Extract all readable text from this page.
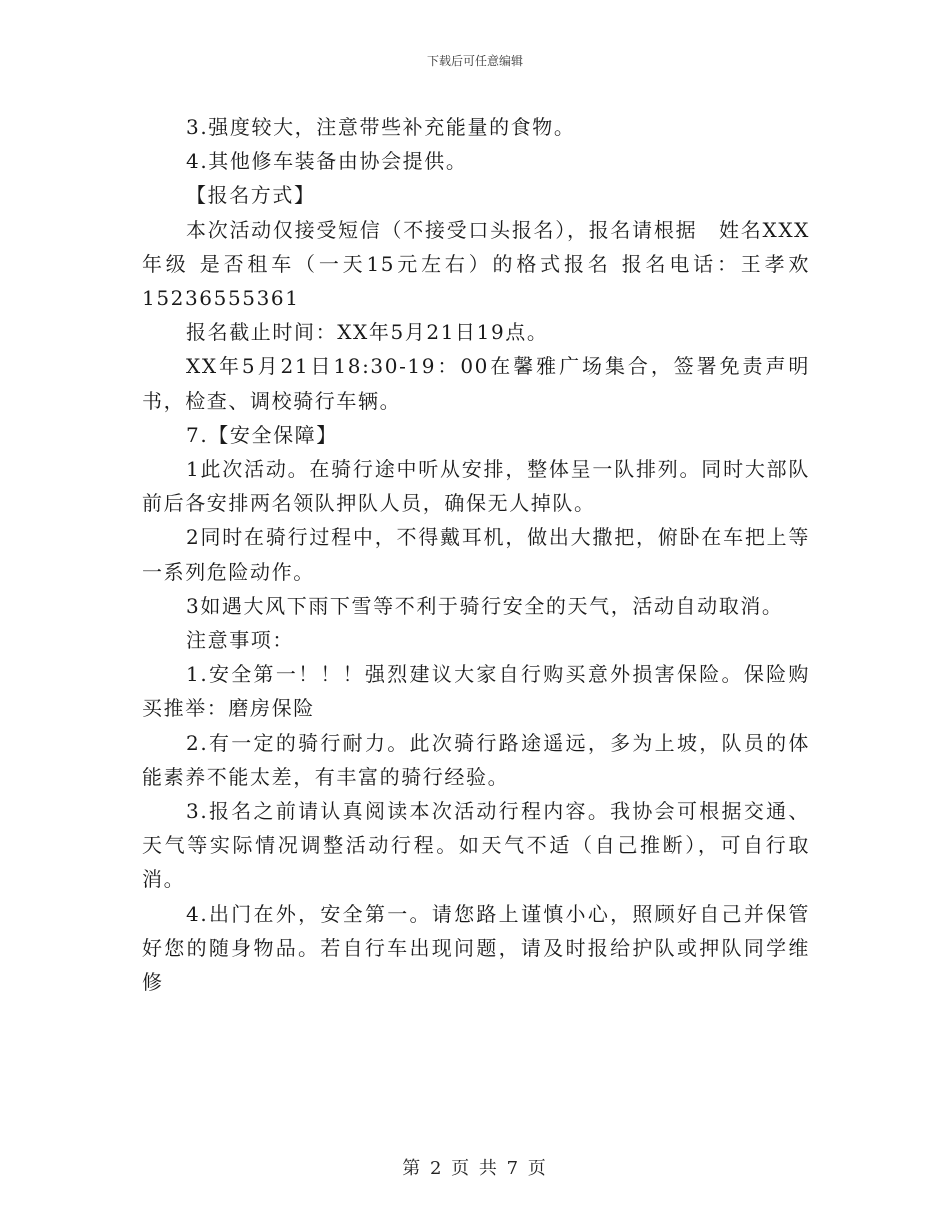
下载后可任意编辑

3.强度较大，注意带些补充能量的食物。

4.其他修车装备由协会提供。

【报名方式】

本次活动仅接受短信（不接受口头报名），报名请根据　姓名XXX　年级 是否租车（一天15元左右）的格式报名 报名电话：王孝欢　　15236555361

报名截止时间：XX年5月21日19点。

XX年5月21日18:30-19：00在馨雅广场集合，签署免责声明书，检查、调校骑行车辆。

7.【安全保障】

1此次活动。在骑行途中听从安排，整体呈一队排列。同时大部队前后各安排两名领队押队人员，确保无人掉队。

2同时在骑行过程中，不得戴耳机，做出大撒把，俯卧在车把上等一系列危险动作。

3如遇大风下雨下雪等不利于骑行安全的天气，活动自动取消。

注意事项：

1.安全第一！！！强烈建议大家自行购买意外损害保险。保险购买推举：磨房保险

2.有一定的骑行耐力。此次骑行路途遥远，多为上坡，队员的体能素养不能太差，有丰富的骑行经验。

3.报名之前请认真阅读本次活动行程内容。我协会可根据交通、天气等实际情况调整活动行程。如天气不适（自己推断），可自行取消。

4.出门在外，安全第一。请您路上谨慎小心，照顾好自己并保管好您的随身物品。若自行车出现问题，请及时报给护队或押队同学维修

第 2 页 共 7 页
